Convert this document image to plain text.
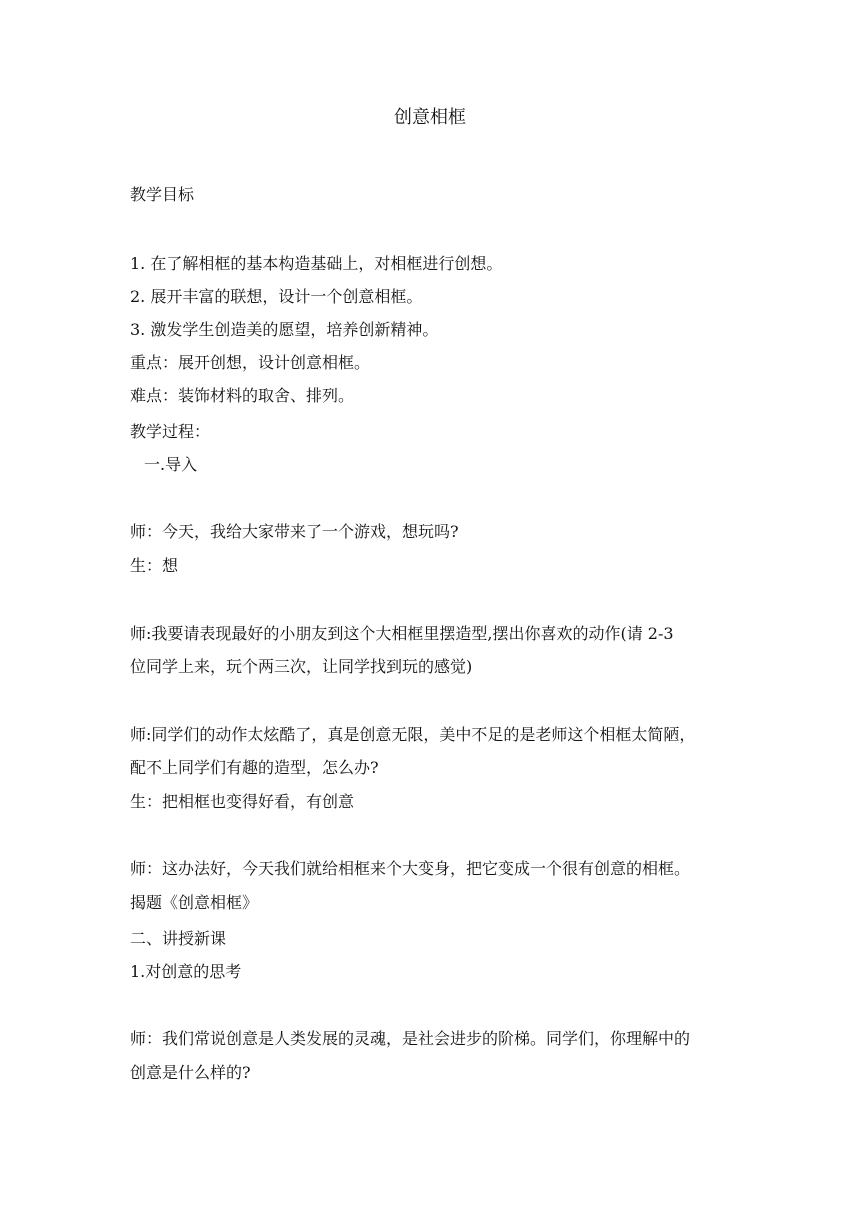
创意相框
教学目标
1. 在了解相框的基本构造基础上，对相框进行创想。
2. 展开丰富的联想，设计一个创意相框。
3. 激发学生创造美的愿望，培养创新精神。
重点：展开创想，设计创意相框。
难点：装饰材料的取舍、排列。
教学过程：
一.导入
师：今天，我给大家带来了一个游戏，想玩吗?
生：想
师:我要请表现最好的小朋友到这个大相框里摆造型,摆出你喜欢的动作(请 2-3
位同学上来，玩个两三次，让同学找到玩的感觉)
师:同学们的动作太炫酷了，真是创意无限，美中不足的是老师这个相框太简陋，
配不上同学们有趣的造型，怎么办?
生：把相框也变得好看，有创意
师：这办法好，今天我们就给相框来个大变身，把它变成一个很有创意的相框。
揭题《创意相框》
二、讲授新课
1.对创意的思考
师：我们常说创意是人类发展的灵魂，是社会进步的阶梯。同学们，你理解中的
创意是什么样的?
